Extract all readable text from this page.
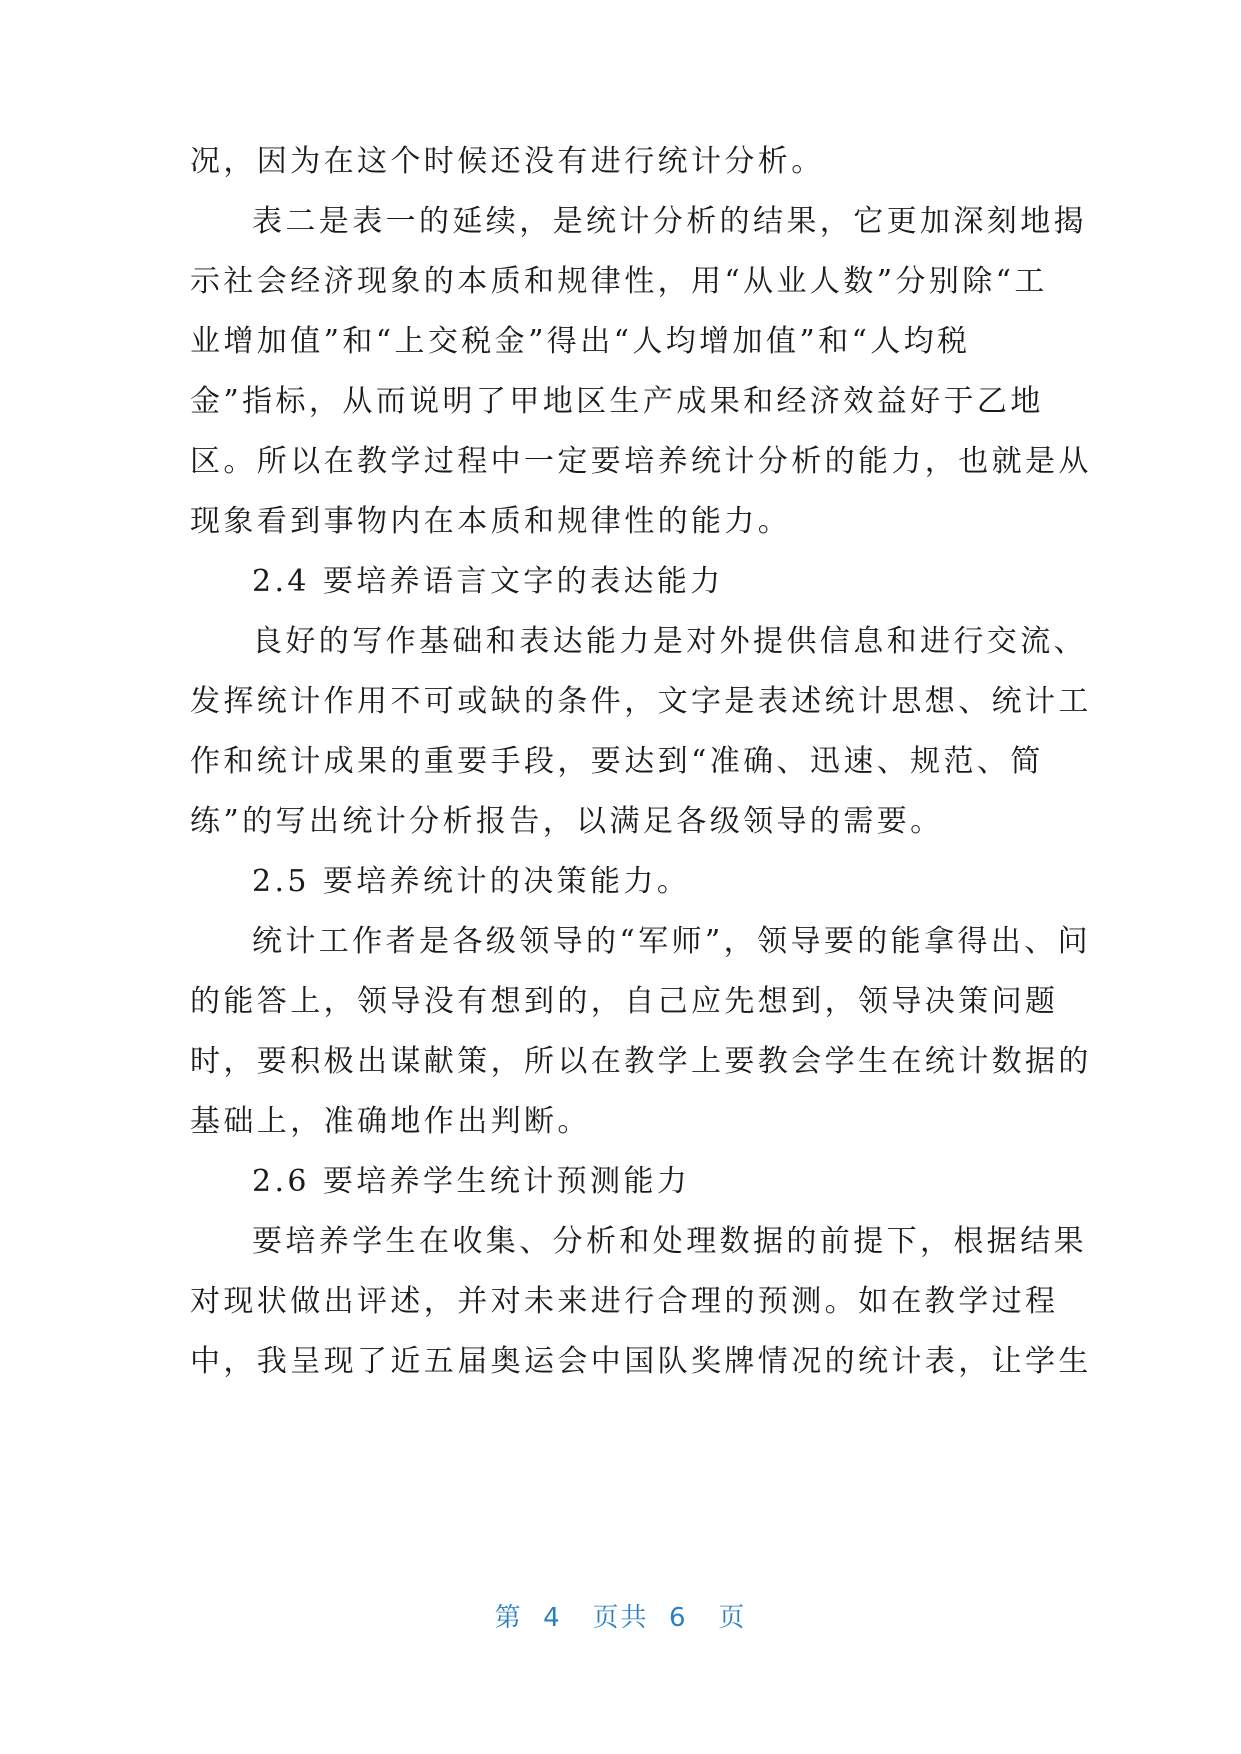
况，因为在这个时候还没有进行统计分析。
表二是表一的延续，是统计分析的结果，它更加深刻地揭
示社会经济现象的本质和规律性，用“从业人数”分别除“工
业增加值”和“上交税金”得出“人均增加值”和“人均税
金”指标，从而说明了甲地区生产成果和经济效益好于乙地
区。所以在教学过程中一定要培养统计分析的能力，也就是从
现象看到事物内在本质和规律性的能力。
2.4 要培养语言文字的表达能力
良好的写作基础和表达能力是对外提供信息和进行交流、
发挥统计作用不可或缺的条件，文字是表述统计思想、统计工
作和统计成果的重要手段，要达到“准确、迅速、规范、简
练”的写出统计分析报告，以满足各级领导的需要。
2.5 要培养统计的决策能力。
统计工作者是各级领导的“军师”，领导要的能拿得出、问
的能答上，领导没有想到的，自己应先想到，领导决策问题
时，要积极出谋献策，所以在教学上要教会学生在统计数据的
基础上，准确地作出判断。
2.6 要培养学生统计预测能力
要培养学生在收集、分析和处理数据的前提下，根据结果
对现状做出评述，并对未来进行合理的预测。如在教学过程
中，我呈现了近五届奥运会中国队奖牌情况的统计表，让学生
第  4   页共  6   页
